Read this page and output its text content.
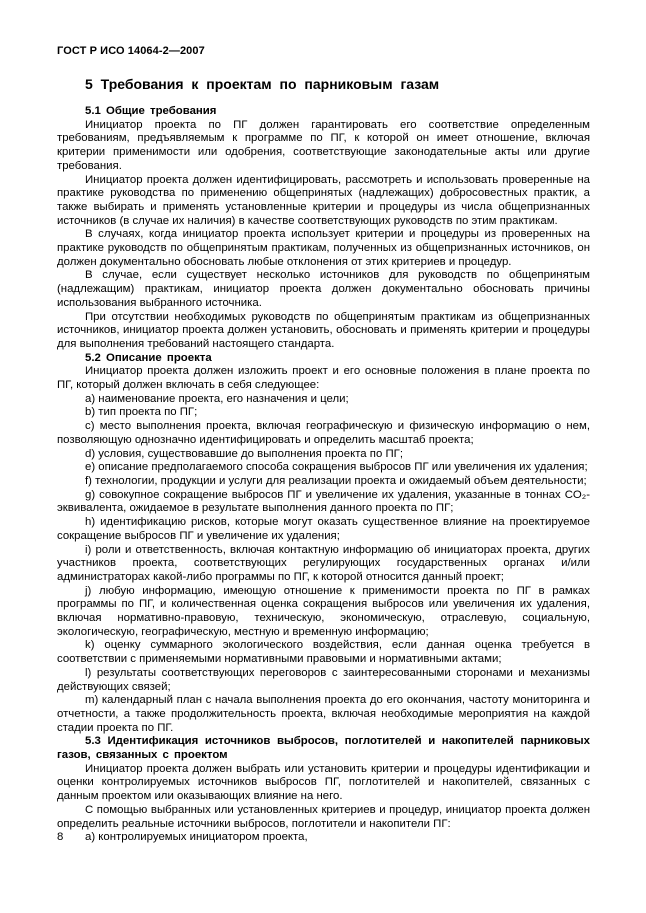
ГОСТ Р ИСО 14064-2—2007
5 Требования к проектам по парниковым газам

5.1 Общие требования

Инициатор проекта по ПГ должен гарантировать его соответствие определенным требованиям, предъявляемым к программе по ПГ, к которой он имеет отношение, включая критерии применимости или одобрения, соответствующие законодательные акты или другие требования.

Инициатор проекта должен идентифицировать, рассмотреть и использовать проверенные на практике руководства по применению общепринятых (надлежащих) добросовестных практик, а также выбирать и применять установленные критерии и процедуры из числа общепризнанных источников (в случае их наличия) в качестве соответствующих руководств по этим практикам.

В случаях, когда инициатор проекта использует критерии и процедуры из проверенных на практике руководств по общепринятым практикам, полученных из общепризнанных источников, он должен документально обосновать любые отклонения от этих критериев и процедур.

В случае, если существует несколько источников для руководств по общепринятым (надлежащим) практикам, инициатор проекта должен документально обосновать причины использования выбранного источника.

При отсутствии необходимых руководств по общепринятым практикам из общепризнанных источников, инициатор проекта должен установить, обосновать и применять критерии и процедуры для выполнения требований настоящего стандарта.

5.2 Описание проекта

Инициатор проекта должен изложить проект и его основные положения в плане проекта по ПГ, который должен включать в себя следующее:

a) наименование проекта, его назначения и цели;

b) тип проекта по ПГ;

c) место выполнения проекта, включая географическую и физическую информацию о нем, позволяющую однозначно идентифицировать и определить масштаб проекта;

d) условия, существовавшие до выполнения проекта по ПГ;

e) описание предполагаемого способа сокращения выбросов ПГ или увеличения их удаления;

f) технологии, продукции и услуги для реализации проекта и ожидаемый объем деятельности;

g) совокупное сокращение выбросов ПГ и увеличение их удаления, указанные в тоннах CO₂-эквивалента, ожидаемое в результате выполнения данного проекта по ПГ;

h) идентификацию рисков, которые могут оказать существенное влияние на проектируемое сокращение выбросов ПГ и увеличение их удаления;

i) роли и ответственность, включая контактную информацию об инициаторах проекта, других участников проекта, соответствующих регулирующих государственных органах и/или администраторах какой-либо программы по ПГ, к которой относится данный проект;

j) любую информацию, имеющую отношение к применимости проекта по ПГ в рамках программы по ПГ, и количественная оценка сокращения выбросов или увеличения их удаления, включая нормативно-правовую, техническую, экономическую, отраслевую, социальную, экологическую, географическую, местную и временную информацию;

k) оценку суммарного экологического воздействия, если данная оценка требуется в соответствии с применяемыми нормативными правовыми и нормативными актами;

l) результаты соответствующих переговоров с заинтересованными сторонами и механизмы действующих связей;

m) календарный план с начала выполнения проекта до его окончания, частоту мониторинга и отчетности, а также продолжительность проекта, включая необходимые мероприятия на каждой стадии проекта по ПГ.

5.3 Идентификация источников выбросов, поглотителей и накопителей парниковых газов, связанных с проектом

Инициатор проекта должен выбрать или установить критерии и процедуры идентификации и оценки контролируемых источников выбросов ПГ, поглотителей и накопителей, связанных с данным проектом или оказывающих влияние на него.

С помощью выбранных или установленных критериев и процедур, инициатор проекта должен определить реальные источники выбросов, поглотители и накопители ПГ:

a) контролируемых инициатором проекта,

8
